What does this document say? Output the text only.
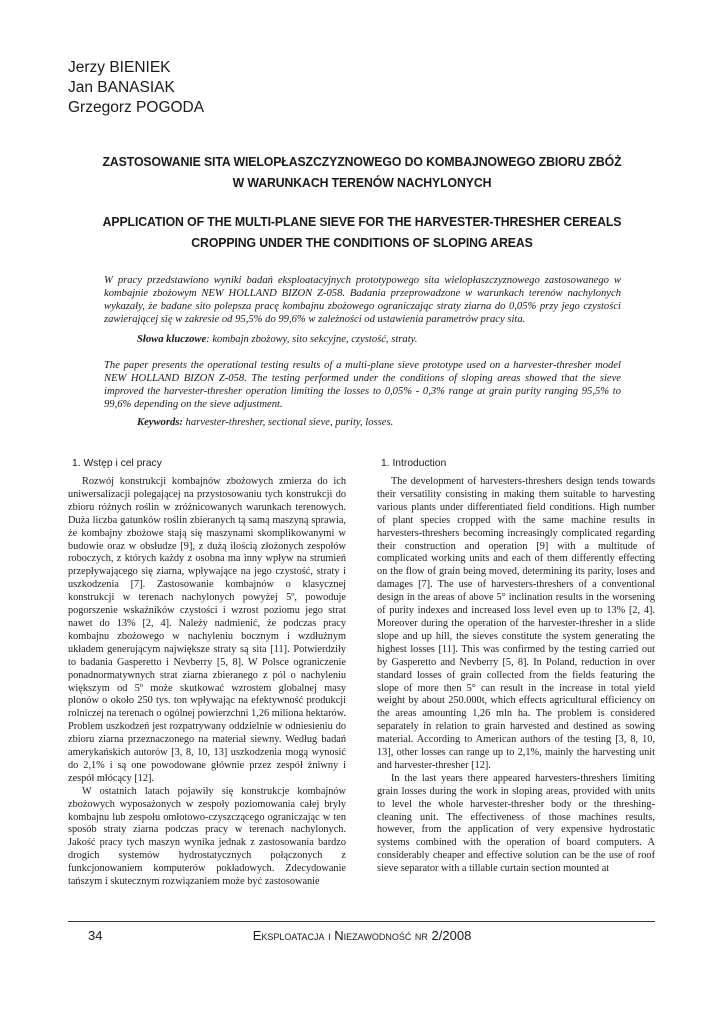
Jerzy BIENIEK
Jan BANASIAK
Grzegorz POGODA
ZASTOSOWANIE SITA WIELOPŁASZCZYZNOWEGO DO KOMBAJNOWEGO ZBIORU ZBÓŻ
W WARUNKACH TERENÓW NACHYLONYCH
APPLICATION OF THE MULTI-PLANE SIEVE FOR THE HARVESTER-THRESHER CEREALS
CROPPING UNDER THE CONDITIONS OF SLOPING AREAS
W pracy przedstawiono wyniki badań eksploatacyjnych prototypowego sita wielopłaszczyznowego zastosowanego w kombajnie zbożowym NEW HOLLAND BIZON Z-058. Badania przeprowadzone w warunkach terenów nachylonych wykazały, że badane sito polepsza pracę kombajnu zbożowego ograniczając straty ziarna do 0,05% przy jego czystości zawierającej się w zakresie od 95,5% do 99,6% w zależności od ustawienia parametrów pracy sita.
Słowa kluczowe: kombajn zbożowy, sito sekcyjne, czystość, straty.
The paper presents the operational testing results of a multi-plane sieve prototype used on a harvester-thresher model NEW HOLLAND BIZON Z-058. The testing performed under the conditions of sloping areas showed that the sieve improved the harvester-thresher operation limiting the losses to 0,05% - 0,3% range at grain purity ranging 95,5% to 99,6% depending on the sieve adjustment.
Keywords: harvester-thresher, sectional sieve, purity, losses.
1. Wstęp i cel pracy	1. Introduction

Rozwój konstrukcji kombajnów zbożowych zmierza do ich uniwersalizacji polegającej na przystosowaniu tych konstrukcji do zbioru różnych roślin w zróżnicowanych warunkach terenowych. Duża liczba gatunków roślin zbieranych tą samą maszyną sprawia, że kombajny zbożowe stają się maszynami skomplikowanymi w budowie oraz w obsłudze [9], z dużą ilością złożonych zespołów roboczych, z których każdy z osobna ma inny wpływ na strumień przepływającego się ziarna, wpływające na jego czystość, straty i uszkodzenia [7]. Zastosowanie kombajnów o klasycznej konstrukcji w terenach nachylonych powyżej 5º, powoduje pogorszenie wskaźników czystości i wzrost poziomu jego strat nawet do 13% [2, 4]. Należy nadmienić, że podczas pracy kombajnu zbożowego w nachyleniu bocznym i wzdłużnym układem generującym największe straty są sita [11]. Potwierdziły to badania Gasperetto i Nevberry [5, 8]. W Polsce ograniczenie ponadnormatywnych strat ziarna zbieranego z pól o nachyleniu większym od 5º może skutkować wzrostem globalnej masy plonów o około 250 tys. ton wpływając na efektywność produkcji rolniczej na terenach o ogólnej powierzchni 1,26 miliona hektarów. Problem uszkodzeń jest rozpatrywany oddzielnie w odniesieniu do zbioru ziarna przeznaczonego na materiał siewny. Według badań amerykańskich autorów [3, 8, 10, 13] uszkodzenia mogą wynosić do 2,1% i są one powodowane głównie przez zespół żniwny i zespół młócący [12].

W ostatnich latach pojawiły się konstrukcje kombajnów zbożowych wyposażonych w zespoły poziomowania całej bryły kombajnu lub zespołu omłotowo-czyszczącego ograniczając w ten sposób straty ziarna podczas pracy w terenach nachylonych. Jakość pracy tych maszyn wynika jednak z zastosowania bardzo drogich systemów hydrostatycznych połączonych z funkcjonowaniem komputerów pokładowych. Zdecydowanie tańszym i skutecznym rozwiązaniem może być zastosowanie

The development of harvesters-threshers design tends towards their versatility consisting in making them suitable to harvesting various plants under differentiated field conditions. High number of plant species cropped with the same machine results in harvesters-threshers becoming increasingly complicated regarding their construction and operation [9] with a multitude of complicated working units and each of them differently effecting on the flow of grain being moved, determining its parity, loses and damages [7]. The use of harvesters-threshers of a conventional design in the areas of above 5° inclination results in the worsening of purity indexes and increased loss level even up to 13% [2, 4]. Moreover during the operation of the harvester-thresher in a slide slope and up hill, the sieves constitute the system generating the highest losses [11]. This was confirmed by the testing carried out by Gasperetto and Nevberry [5, 8]. In Poland, reduction in over standard losses of grain collected from the fields featuring the slope of more then 5° can result in the increase in total yield weight by about 250.000t, which effects agricultural efficiency on the areas amounting 1,26 mln ha. The problem is considered separately in relation to grain harvested and destined as sowing material. According to American authors of the testing [3, 8, 10, 13], other losses can range up to 2,1%, mainly the harvesting unit and harvester-thresher [12].

In the last years there appeared harvesters-threshers limiting grain losses during the work in sloping areas, provided with units to level the whole harvester-thresher body or the threshing-cleaning unit. The effectiveness of those machines results, however, from the application of very expensive hydrostatic systems combined with the operation of board computers. A considerably cheaper and effective solution can be the use of roof sieve separator with a tillable curtain section mounted at

34	Eksploatacja i Niezawodność nr 2/2008
